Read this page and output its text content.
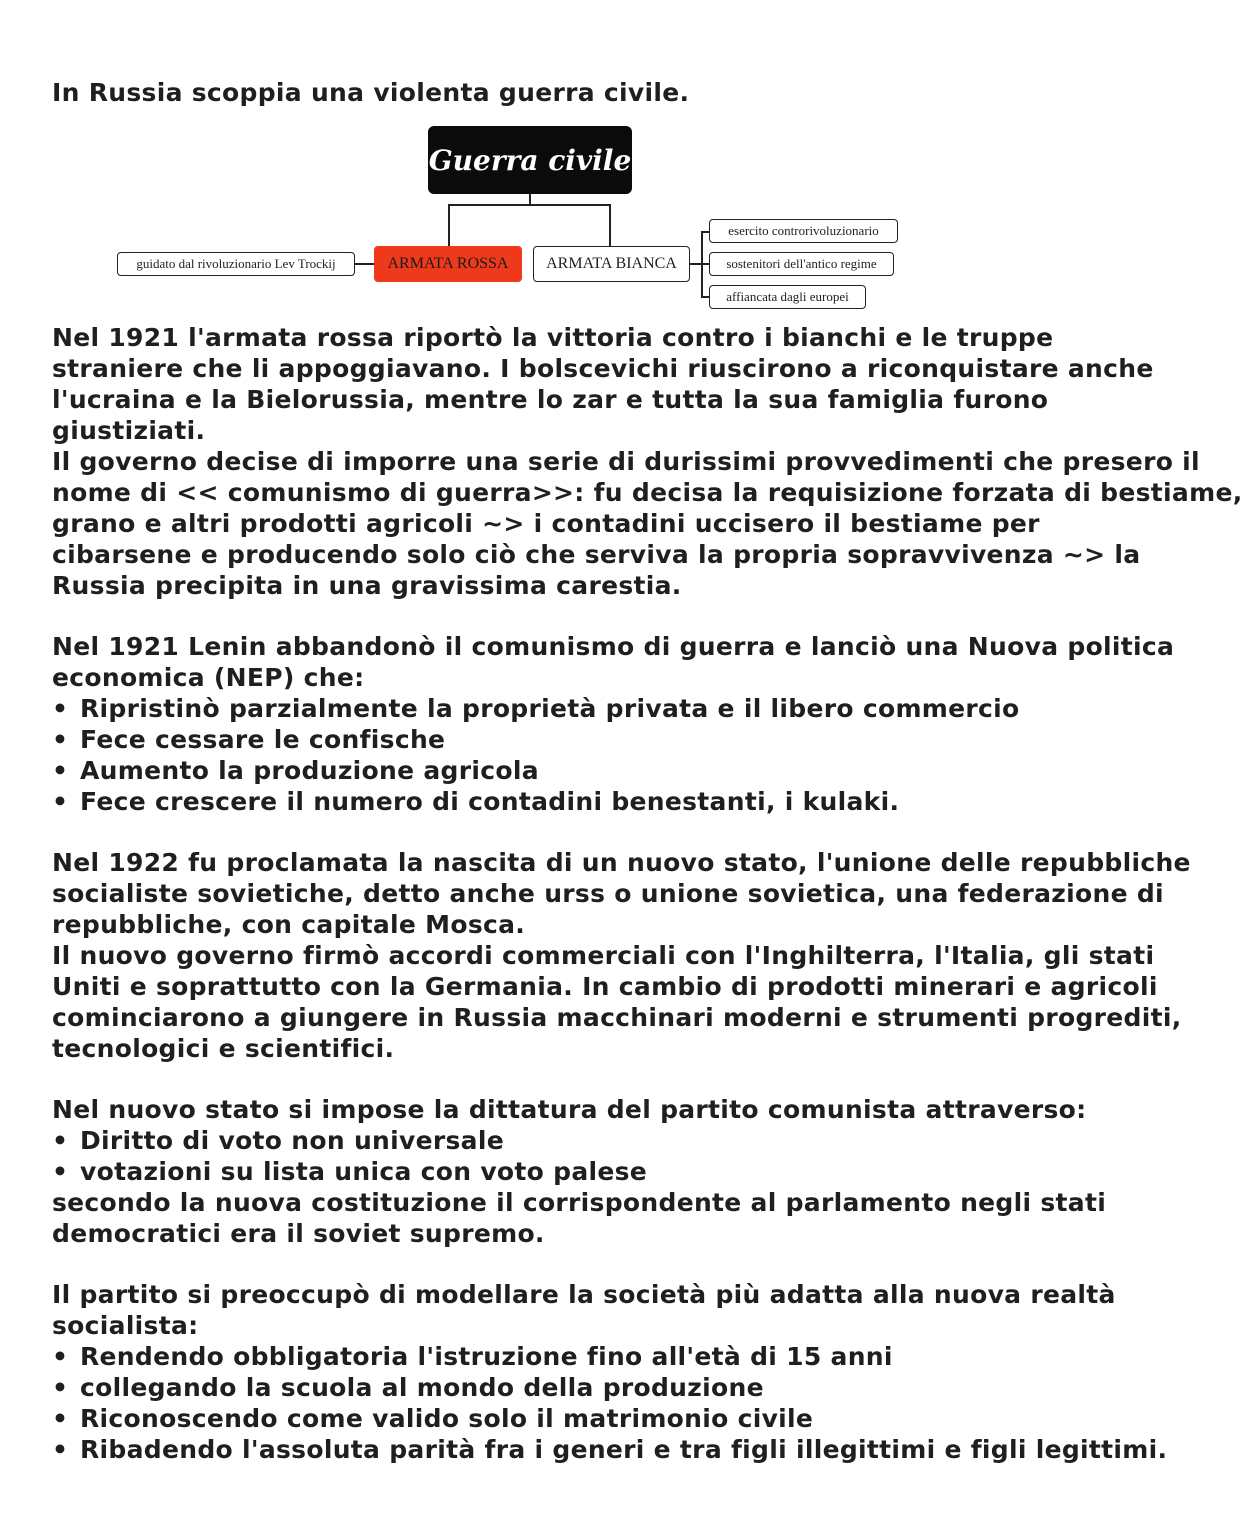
In Russia scoppia una violenta guerra civile.
Guerra civile
guidato dal rivoluzionario Lev Trockij	ARMATA ROSSA	ARMATA BIANCA
esercito controrivoluzionario
sostenitori dell'antico regime
affiancata dagli europei
Nel 1921 l'armata rossa riportò la vittoria contro i bianchi e le truppe
straniere che li appoggiavano. I bolscevichi riuscirono a riconquistare anche
l'ucraina e la Bielorussia, mentre lo zar e tutta la sua famiglia furono
giustiziati.
Il governo decise di imporre una serie di durissimi provvedimenti che presero il
nome di << comunismo di guerra>>: fu decisa la requisizione forzata di bestiame,
grano e altri prodotti agricoli ~> i contadini uccisero il bestiame per
cibarsene e producendo solo ciò che serviva la propria sopravvivenza ~> la
Russia precipita in una gravissima carestia.
Nel 1921 Lenin abbandonò il comunismo di guerra e lanciò una Nuova politica
economica (NEP) che:
• Ripristinò parzialmente la proprietà privata e il libero commercio
• Fece cessare le confische
• Aumento la produzione agricola
• Fece crescere il numero di contadini benestanti, i kulaki.
Nel 1922 fu proclamata la nascita di un nuovo stato, l'unione delle repubbliche
socialiste sovietiche, detto anche urss o unione sovietica, una federazione di
repubbliche, con capitale Mosca.
Il nuovo governo firmò accordi commerciali con l'Inghilterra, l'Italia, gli stati
Uniti e soprattutto con la Germania. In cambio di prodotti minerari e agricoli
cominciarono a giungere in Russia macchinari moderni e strumenti progrediti,
tecnologici e scientifici.
Nel nuovo stato si impose la dittatura del partito comunista attraverso:
• Diritto di voto non universale
• votazioni su lista unica con voto palese
secondo la nuova costituzione il corrispondente al parlamento negli stati
democratici era il soviet supremo.
Il partito si preoccupò di modellare la società più adatta alla nuova realtà
socialista:
• Rendendo obbligatoria l'istruzione fino all'età di 15 anni
• collegando la scuola al mondo della produzione
• Riconoscendo come valido solo il matrimonio civile
• Ribadendo l'assoluta parità fra i generi e tra figli illegittimi e figli legittimi.
